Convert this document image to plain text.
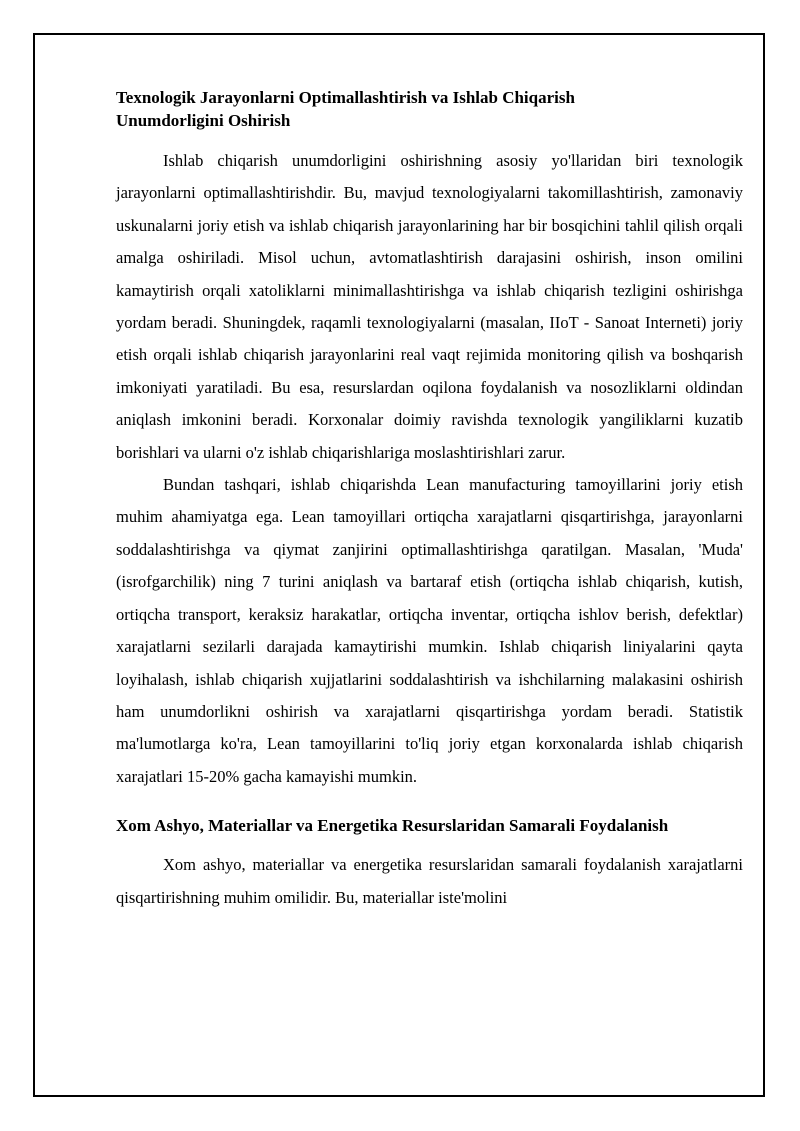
Texnologik Jarayonlarni Optimallashtirish va Ishlab Chiqarish Unumdorligini Oshirish

Ishlab chiqarish unumdorligini oshirishning asosiy yo'llaridan biri texnologik jarayonlarni optimallashtirishdir. Bu, mavjud texnologiyalarni takomillashtirish, zamonaviy uskunalarni joriy etish va ishlab chiqarish jarayonlarining har bir bosqichini tahlil qilish orqali amalga oshiriladi. Misol uchun, avtomatlashtirish darajasini oshirish, inson omilini kamaytirish orqali xatoliklarni minimallashtirishga va ishlab chiqarish tezligini oshirishga yordam beradi. Shuningdek, raqamli texnologiyalarni (masalan, IIoT - Sanoat Interneti) joriy etish orqali ishlab chiqarish jarayonlarini real vaqt rejimida monitoring qilish va boshqarish imkoniyati yaratiladi. Bu esa, resurslardan oqilona foydalanish va nosozliklarni oldindan aniqlash imkonini beradi. Korxonalar doimiy ravishda texnologik yangiliklarni kuzatib borishlari va ularni o'z ishlab chiqarishlariga moslashtirishlari zarur.

Bundan tashqari, ishlab chiqarishda Lean manufacturing tamoyillarini joriy etish muhim ahamiyatga ega. Lean tamoyillari ortiqcha xarajatlarni qisqartirishga, jarayonlarni soddalashtirishga va qiymat zanjirini optimallashtirishga qaratilgan. Masalan, 'Muda' (isrofgarchilik) ning 7 turini aniqlash va bartaraf etish (ortiqcha ishlab chiqarish, kutish, ortiqcha transport, keraksiz harakatlar, ortiqcha inventar, ortiqcha ishlov berish, defektlar) xarajatlarni sezilarli darajada kamaytirishi mumkin. Ishlab chiqarish liniyalarini qayta loyihalash, ishlab chiqarish xujjatlarini soddalashtirish va ishchilarning malakasini oshirish ham unumdorlikni oshirish va xarajatlarni qisqartirishga yordam beradi. Statistik ma'lumotlarga ko'ra, Lean tamoyillarini to'liq joriy etgan korxonalarda ishlab chiqarish xarajatlari 15-20% gacha kamayishi mumkin.

Xom Ashyo, Materiallar va Energetika Resurslaridan Samarali Foydalanish

Xom ashyo, materiallar va energetika resurslaridan samarali foydalanish xarajatlarni qisqartirishning muhim omilidir. Bu, materiallar iste'molini
